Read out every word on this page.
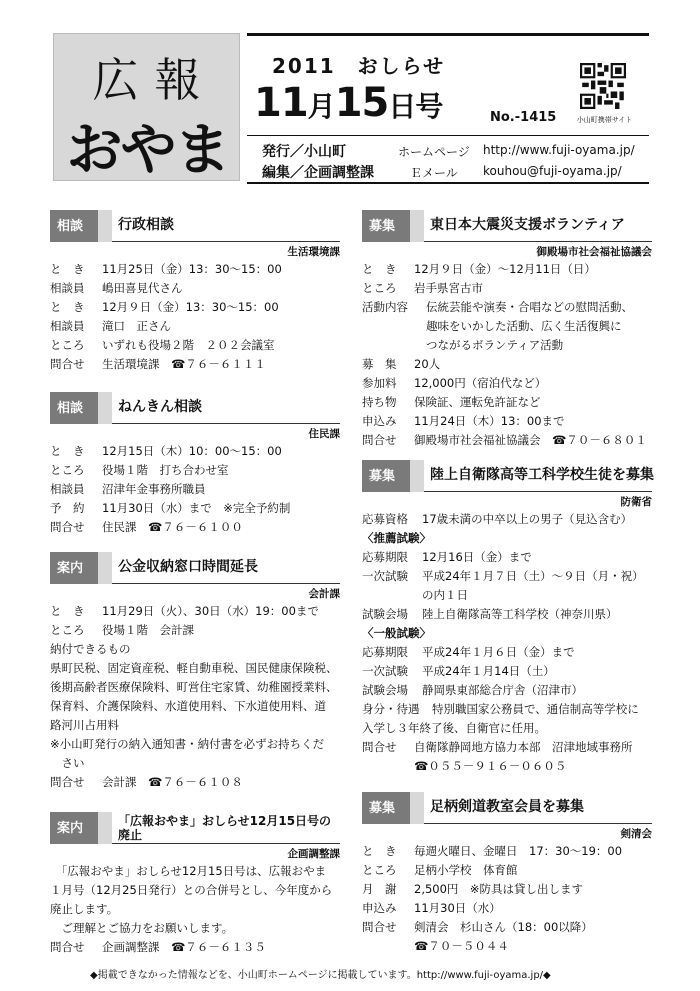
広報
おやま
2011　おしらせ
11月15日号	No.-1415	小山町携帯サイト
発行／小山町	ホームページ http://www.fuji-oyama.jp/
編集／企画調整課	Ｅメール kouhou@fuji-oyama.jp/
相談	行政相談
生活環境課
と　き	11月25日（金）13：30～15：00
相談員	嶋田喜見代さん
と　き	12月９日（金）13：30～15：00
相談員	滝口　正さん
ところ	いずれも役場２階　２０２会議室
問合せ	生活環境課　☎７６－６１１１
相談	ねんきん相談
住民課
と　き	12月15日（木）10：00～15：00
ところ	役場１階　打ち合わせ室
相談員	沼津年金事務所職員
予　約	11月30日（水）まで　※完全予約制
問合せ	住民課　☎７６－６１００
案内	公金収納窓口時間延長
会計課
と　き	11月29日（火）、30日（水）19：00まで
ところ	役場１階　会計課
納付できるもの
県町民税、固定資産税、軽自動車税、国民健康保険税、
後期高齢者医療保険料、町営住宅家賃、幼稚園授業料、
保育料、介護保険料、水道使用料、下水道使用料、道
路河川占用料
※小山町発行の納入通知書・納付書を必ずお持ちくだ
　さい
問合せ	会計課　☎７６－６１０８
案内	「広報おやま」おしらせ12月15日号の
廃止
企画調整課
　「広報おやま」おしらせ12月15日号は、広報おやま
１月号（12月25日発行）との合併号とし、今年度から
廃止します。
　ご理解とご協力をお願いします。
問合せ	企画調整課　☎７６－６１３５
募集	東日本大震災支援ボランティア
御殿場市社会福祉協議会
と　き	12月９日（金）～12月11日（日）
ところ	岩手県宮古市
活動内容	伝統芸能や演奏・合唱などの慰問活動、
趣味をいかした活動、広く生活復興に
つながるボランティア活動
募　集	20人
参加料	12,000円（宿泊代など）
持ち物	保険証、運転免許証など
申込み	11月24日（木）13：00まで
問合せ	御殿場市社会福祉協議会　☎７０－６８０１
募集	陸上自衛隊高等工科学校生徒を募集
防衛省
応募資格	17歳未満の中卒以上の男子（見込含む）
〈推薦試験〉
応募期限	12月16日（金）まで
一次試験	平成24年１月７日（土）～９日（月・祝）
の内１日
試験会場	陸上自衛隊高等工科学校（神奈川県）
〈一般試験〉
応募期限	平成24年１月６日（金）まで
一次試験	平成24年１月14日（土）
試験会場	静岡県東部総合庁舎（沼津市）
身分・待遇	特別職国家公務員で、通信制高等学校に
入学し３年終了後、自衛官に任用。
問合せ	自衛隊静岡地方協力本部　沼津地域事務所
☎０５５－９１６－０６０５
募集	足柄剣道教室会員を募集
剣清会
と　き	毎週火曜日、金曜日　17：30～19：00
ところ	足柄小学校　体育館
月　謝	2,500円　※防具は貸し出します
申込み	11月30日（水）
問合せ	剣清会　杉山さん（18：00以降）
☎７０－５０４４
◆掲載できなかった情報などを、小山町ホームページに掲載しています。http://www.fuji-oyama.jp/◆
